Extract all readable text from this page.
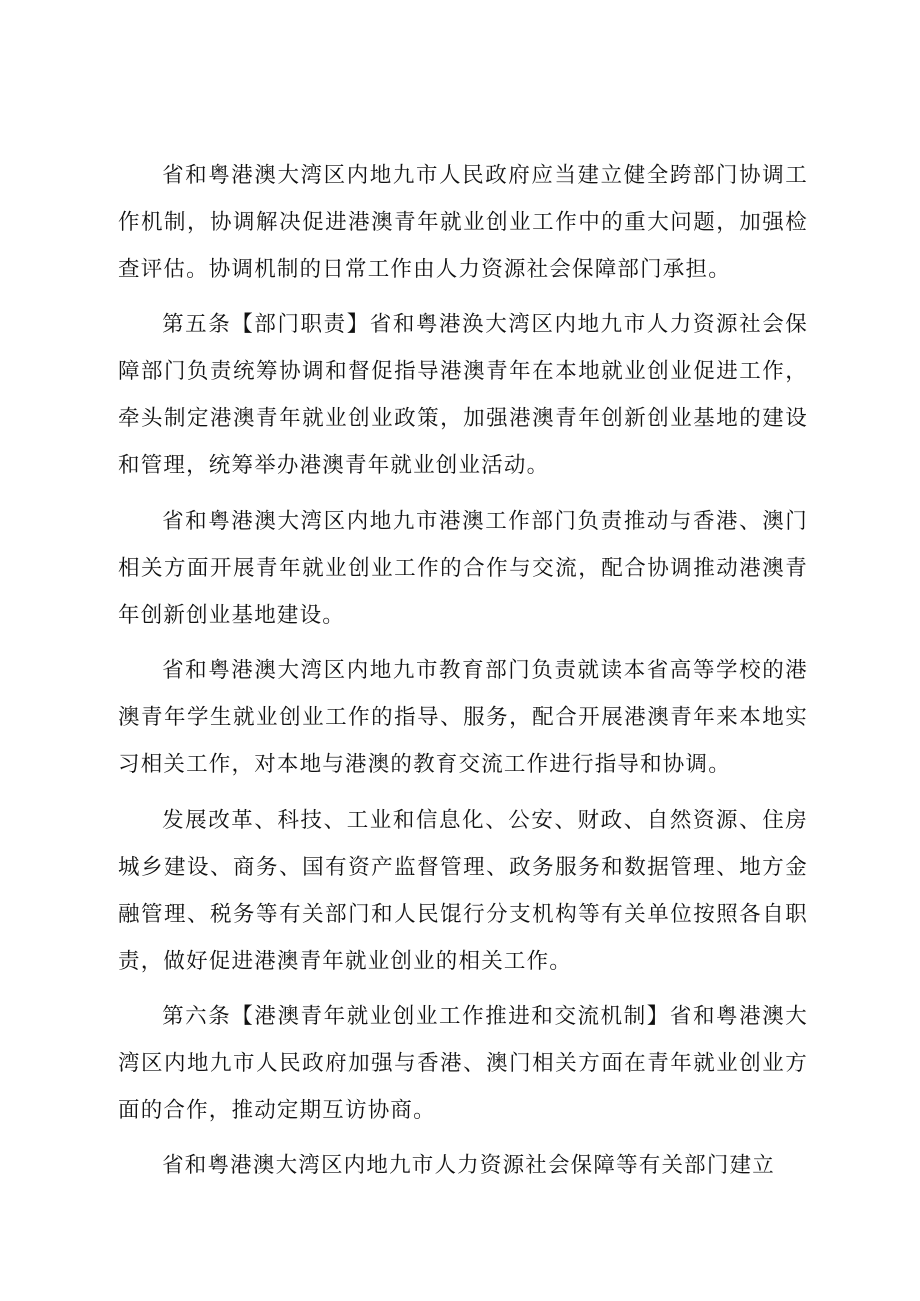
省和粤港澳大湾区内地九市人民政府应当建立健全跨部门协调工作机制，协调解决促进港澳青年就业创业工作中的重大问题，加强检查评估。协调机制的日常工作由人力资源社会保障部门承担。

第五条【部门职责】省和粤港涣大湾区内地九市人力资源社会保障部门负责统筹协调和督促指导港澳青年在本地就业创业促进工作，牵头制定港澳青年就业创业政策，加强港澳青年创新创业基地的建设和管理，统筹举办港澳青年就业创业活动。

省和粤港澳大湾区内地九市港澳工作部门负责推动与香港、澳门相关方面开展青年就业创业工作的合作与交流，配合协调推动港澳青年创新创业基地建设。

省和粤港澳大湾区内地九市教育部门负责就读本省高等学校的港澳青年学生就业创业工作的指导、服务，配合开展港澳青年来本地实习相关工作，对本地与港澳的教育交流工作进行指导和协调。

发展改革、科技、工业和信息化、公安、财政、自然资源、住房城乡建设、商务、国有资产监督管理、政务服务和数据管理、地方金融管理、税务等有关部门和人民馄行分支机构等有关单位按照各自职责，做好促进港澳青年就业创业的相关工作。

第六条【港澳青年就业创业工作推进和交流机制】省和粤港澳大湾区内地九市人民政府加强与香港、澳门相关方面在青年就业创业方面的合作，推动定期互访协商。

省和粤港澳大湾区内地九市人力资源社会保障等有关部门建立
